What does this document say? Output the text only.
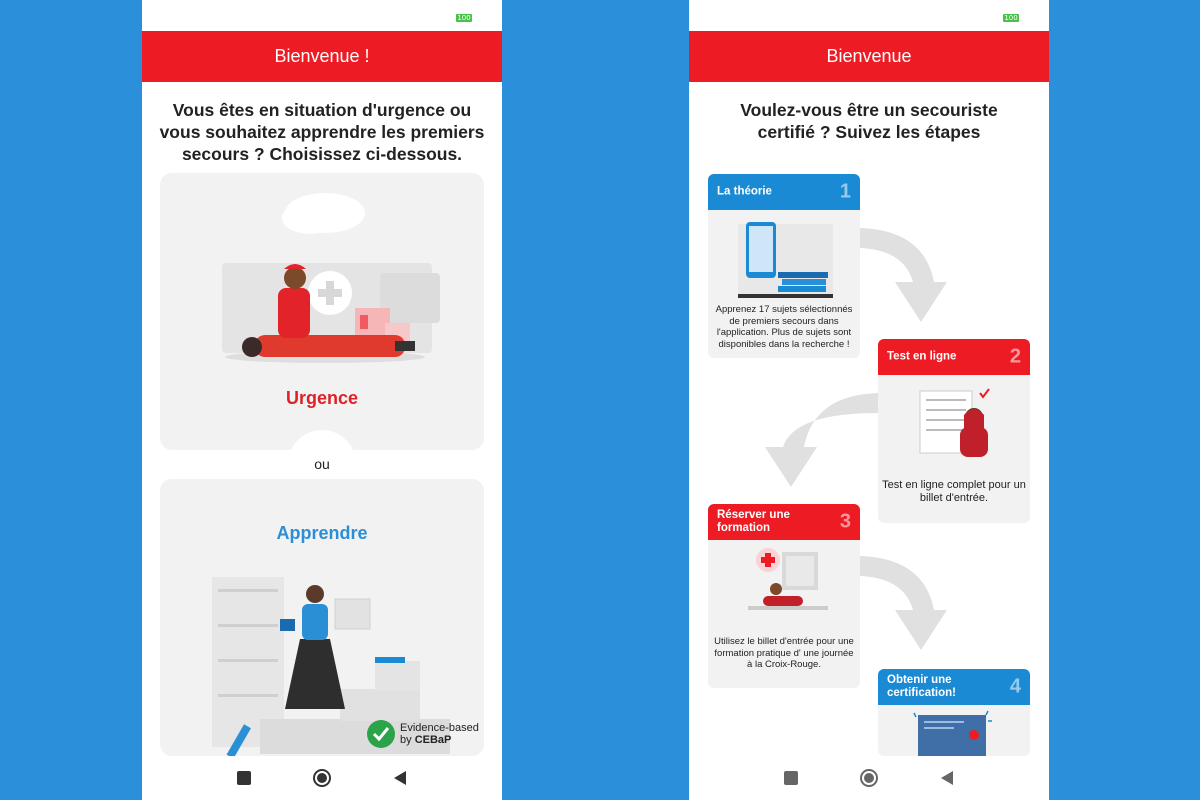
100
Bienvenue !
Vous êtes en situation d'urgence ou vous souhaitez apprendre les premiers secours ? Choisissez ci-dessous.
Urgence
ou
Apprendre
Evidence-based
by CEBaP
100
Bienvenue
Voulez-vous être un secouriste certifié ? Suivez les étapes
La théorie	1
Apprenez 17 sujets sélectionnés de premiers secours dans l'application. Plus de sujets sont disponibles dans la recherche !
Test en ligne	2
Test en ligne complet pour un billet d'entrée.
Réserver une formation	3
Utilisez le billet d'entrée pour une formation pratique d' une journée à la Croix-Rouge.
Obtenir une certification!	4
